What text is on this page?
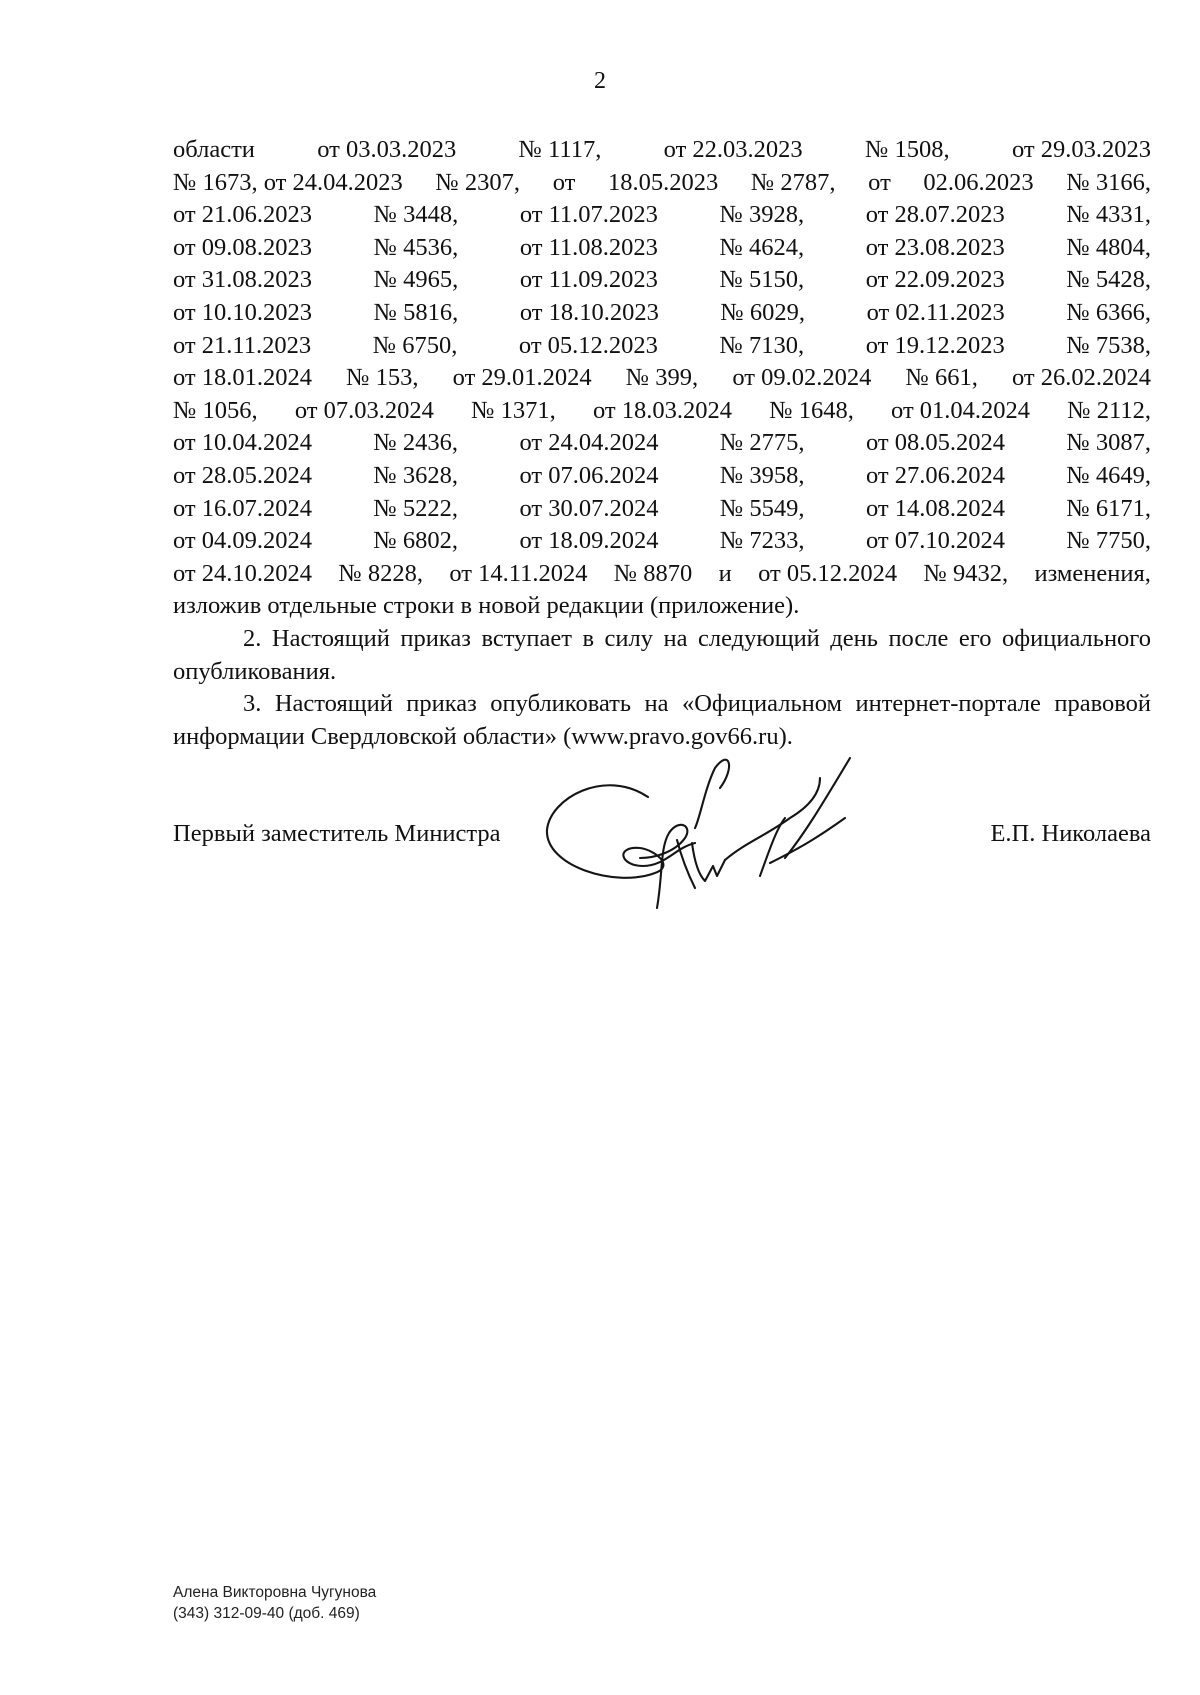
2
области	от 03.03.2023	№ 1117,	от 22.03.2023	№ 1508,	от 29.03.2023
№ 1673, от 24.04.2023 № 2307, от 18.05.2023 № 2787, от 02.06.2023 № 3166,
от 21.06.2023	№ 3448,	от 11.07.2023	№ 3928,	от 28.07.2023	№ 4331,
от 09.08.2023	№ 4536,	от 11.08.2023	№ 4624,	от 23.08.2023	№ 4804,
от 31.08.2023	№ 4965,	от 11.09.2023	№ 5150,	от 22.09.2023	№ 5428,
от 10.10.2023	№ 5816,	от 18.10.2023	№ 6029,	от 02.11.2023	№ 6366,
от 21.11.2023	№ 6750,	от 05.12.2023	№ 7130,	от 19.12.2023	№ 7538,
от 18.01.2024 № 153, от 29.01.2024 № 399, от 09.02.2024 № 661, от 26.02.2024
№ 1056, от 07.03.2024 № 1371, от 18.03.2024 № 1648, от 01.04.2024 № 2112,
от 10.04.2024	№ 2436,	от 24.04.2024	№ 2775,	от 08.05.2024	№ 3087,
от 28.05.2024	№ 3628,	от 07.06.2024	№ 3958,	от 27.06.2024	№ 4649,
от 16.07.2024	№ 5222,	от 30.07.2024	№ 5549,	от 14.08.2024	№ 6171,
от 04.09.2024	№ 6802,	от 18.09.2024	№ 7233,	от 07.10.2024	№ 7750,
от 24.10.2024 № 8228, от 14.11.2024 № 8870 и от 05.12.2024 № 9432, изменения,
изложив отдельные строки в новой редакции (приложение).
2. Настоящий приказ вступает в силу на следующий день после его официального опубликования.
3. Настоящий приказ опубликовать на «Официальном интернет-портале правовой информации Свердловской области» (www.pravo.gov66.ru).
Первый заместитель Министра	Е.П. Николаева
Алена Викторовна Чугунова
(343) 312-09-40 (доб. 469)
